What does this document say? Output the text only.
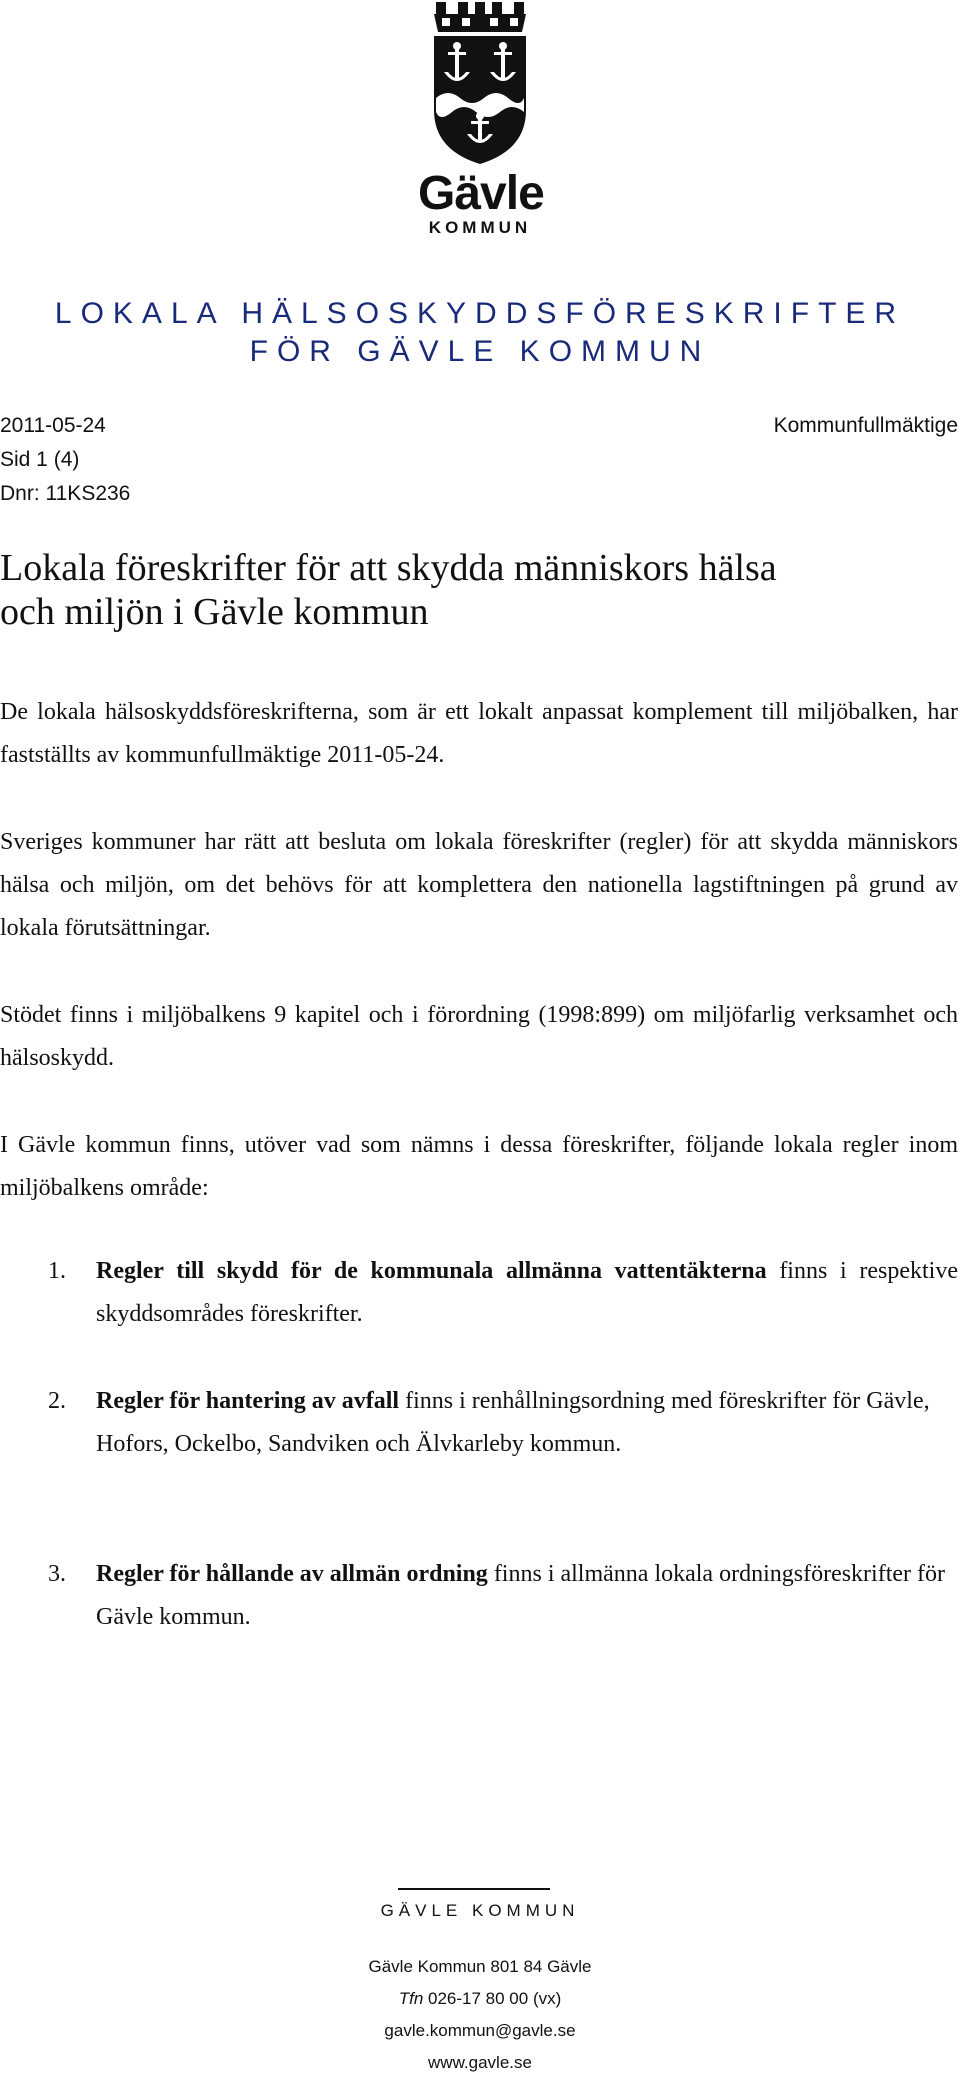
Gävle
KOMMUN
LOKALA HÄLSOSKYDDSFÖRESKRIFTER
FÖR GÄVLE KOMMUN
2011-05-24
Sid 1 (4)
Dnr: 11KS236
Kommunfullmäktige
Lokala föreskrifter för att skydda människors hälsa
och miljön i Gävle kommun
De lokala hälsoskyddsföreskrifterna, som är ett lokalt anpassat komplement till miljöbalken, har fastställts av kommunfullmäktige 2011-05-24.
Sveriges kommuner har rätt att besluta om lokala föreskrifter (regler) för att skydda människors hälsa och miljön, om det behövs för att komplettera den nationella lagstiftningen på grund av lokala förutsättningar.
Stödet finns i miljöbalkens 9 kapitel och i förordning (1998:899) om miljöfarlig verksamhet och hälsoskydd.
I Gävle kommun finns, utöver vad som nämns i dessa föreskrifter, följande lokala regler inom miljöbalkens område:
1. Regler till skydd för de kommunala allmänna vattentäkterna finns i respektive skyddsområdes föreskrifter.
2. Regler för hantering av avfall finns i renhållningsordning med föreskrifter för Gävle, Hofors, Ockelbo, Sandviken och Älvkarleby kommun.
3. Regler för hållande av allmän ordning finns i allmänna lokala ordningsföreskrifter för Gävle kommun.
GÄVLE KOMMUN
Gävle Kommun 801 84 Gävle
Tfn 026-17 80 00 (vx)
gavle.kommun@gavle.se
www.gavle.se
